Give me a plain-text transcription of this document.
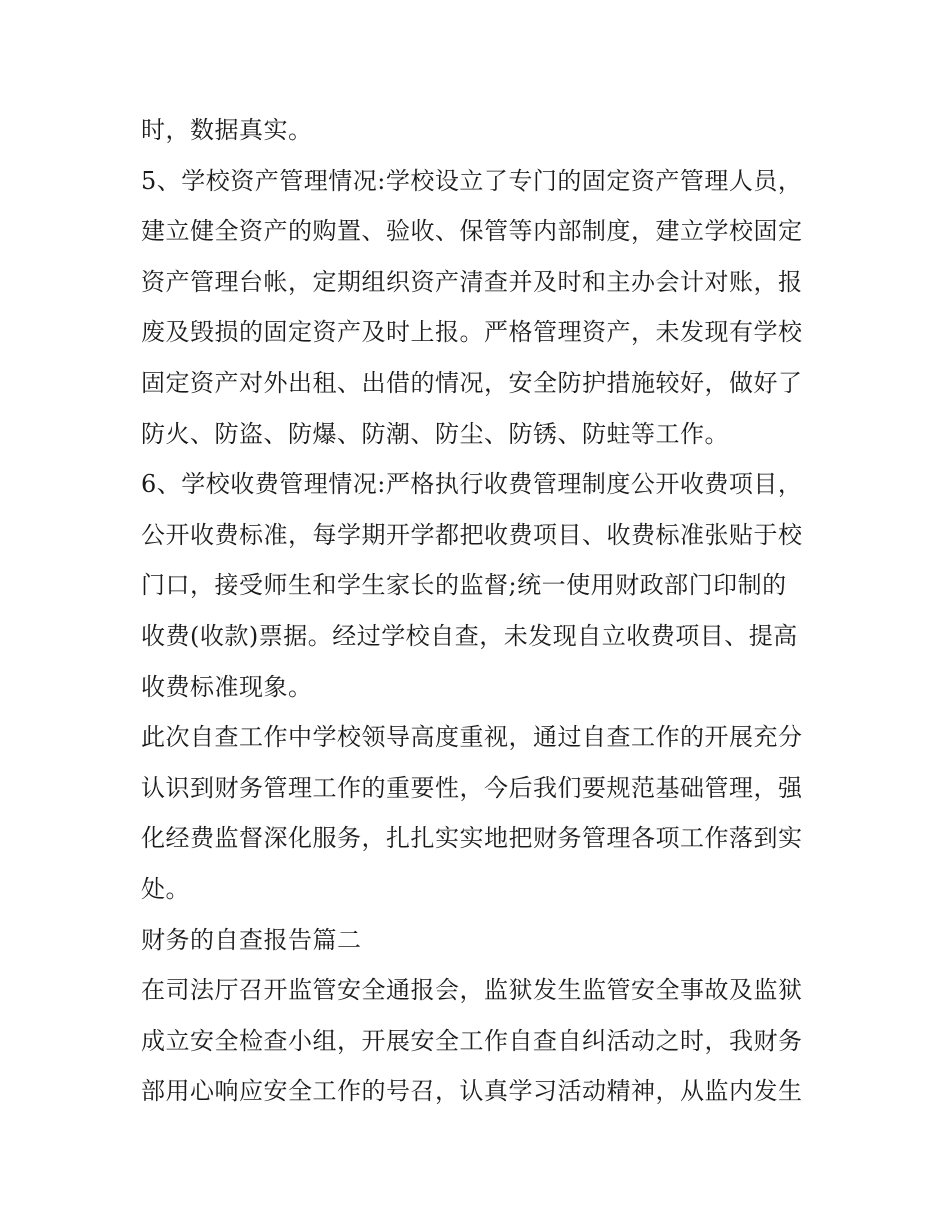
时，数据真实。
5、学校资产管理情况:学校设立了专门的固定资产管理人员，
建立健全资产的购置、验收、保管等内部制度，建立学校固定
资产管理台帐，定期组织资产清查并及时和主办会计对账，报
废及毁损的固定资产及时上报。严格管理资产，未发现有学校
固定资产对外出租、出借的情况，安全防护措施较好，做好了
防火、防盗、防爆、防潮、防尘、防锈、防蛀等工作。
6、学校收费管理情况:严格执行收费管理制度公开收费项目，
公开收费标准，每学期开学都把收费项目、收费标准张贴于校
门口，接受师生和学生家长的监督;统一使用财政部门印制的
收费(收款)票据。经过学校自查，未发现自立收费项目、提高
收费标准现象。
此次自查工作中学校领导高度重视，通过自查工作的开展充分
认识到财务管理工作的重要性，今后我们要规范基础管理，强
化经费监督深化服务，扎扎实实地把财务管理各项工作落到实
处。
财务的自查报告篇二
在司法厅召开监管安全通报会，监狱发生监管安全事故及监狱
成立安全检查小组，开展安全工作自查自纠活动之时，我财务
部用心响应安全工作的号召，认真学习活动精神，从监内发生
